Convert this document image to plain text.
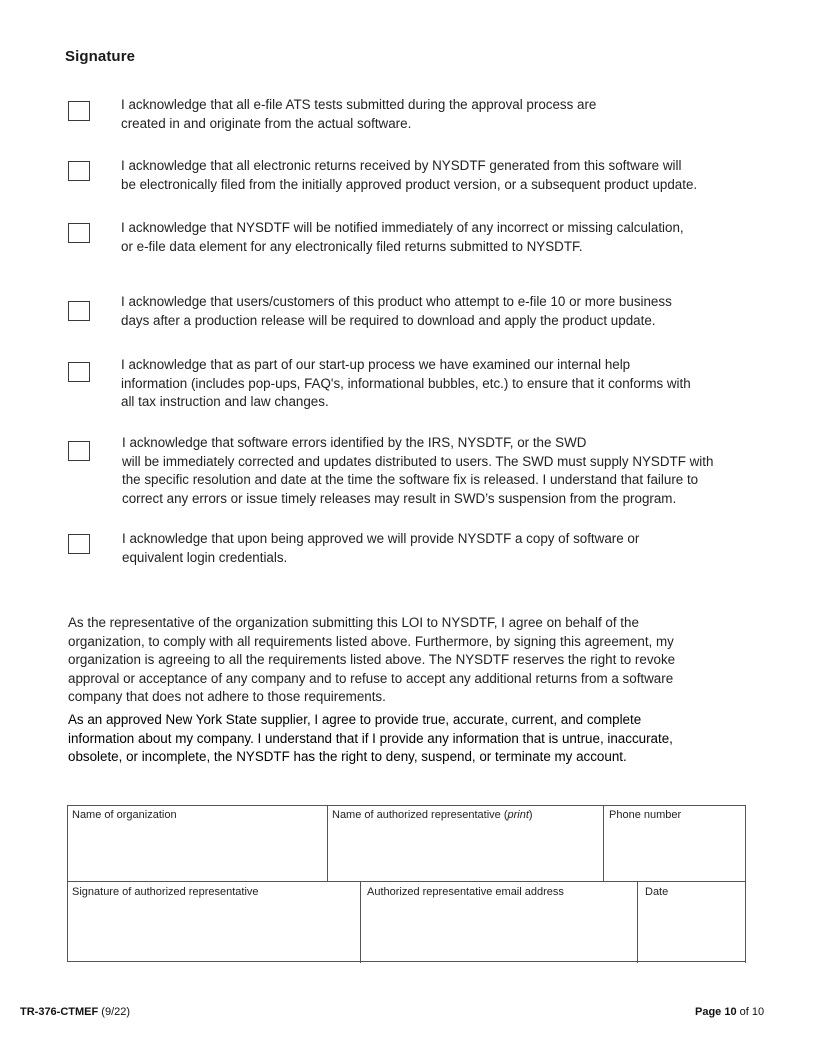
Signature
I acknowledge that all e-file ATS tests submitted during the approval process are
created in and originate from the actual software.
I acknowledge that all electronic returns received by NYSDTF generated from this software will
be electronically filed from the initially approved product version, or a subsequent product update.
I acknowledge that NYSDTF will be notified immediately of any incorrect or missing calculation,
or e-file data element for any electronically filed returns submitted to NYSDTF.
I acknowledge that users/customers of this product who attempt to e-file 10 or more business
days after a production release will be required to download and apply the product update.
I acknowledge that as part of our start-up process we have examined our internal help
information (includes pop-ups, FAQ's, informational bubbles, etc.) to ensure that it conforms with
all tax instruction and law changes.
I acknowledge that software errors identified by the IRS, NYSDTF, or the SWD
will be immediately corrected and updates distributed to users. The SWD must supply NYSDTF with
the specific resolution and date at the time the software fix is released. I understand that failure to
correct any errors or issue timely releases may result in SWD’s suspension from the program.
I acknowledge that upon being approved we will provide NYSDTF a copy of software or
equivalent login credentials.
As the representative of the organization submitting this LOI to NYSDTF, I agree on behalf of the
organization, to comply with all requirements listed above. Furthermore, by signing this agreement, my
organization is agreeing to all the requirements listed above. The NYSDTF reserves the right to revoke
approval or acceptance of any company and to refuse to accept any additional returns from a software
company that does not adhere to those requirements.
As an approved New York State supplier, I agree to provide true, accurate, current, and complete
information about my company. I understand that if I provide any information that is untrue, inaccurate,
obsolete, or incomplete, the NYSDTF has the right to deny, suspend, or terminate my account.
Name of organization	Name of authorized representative (print)	Phone number
Signature of authorized representative	Authorized representative email address	Date
TR-376-CTMEF (9/22)	Page 10 of 10
